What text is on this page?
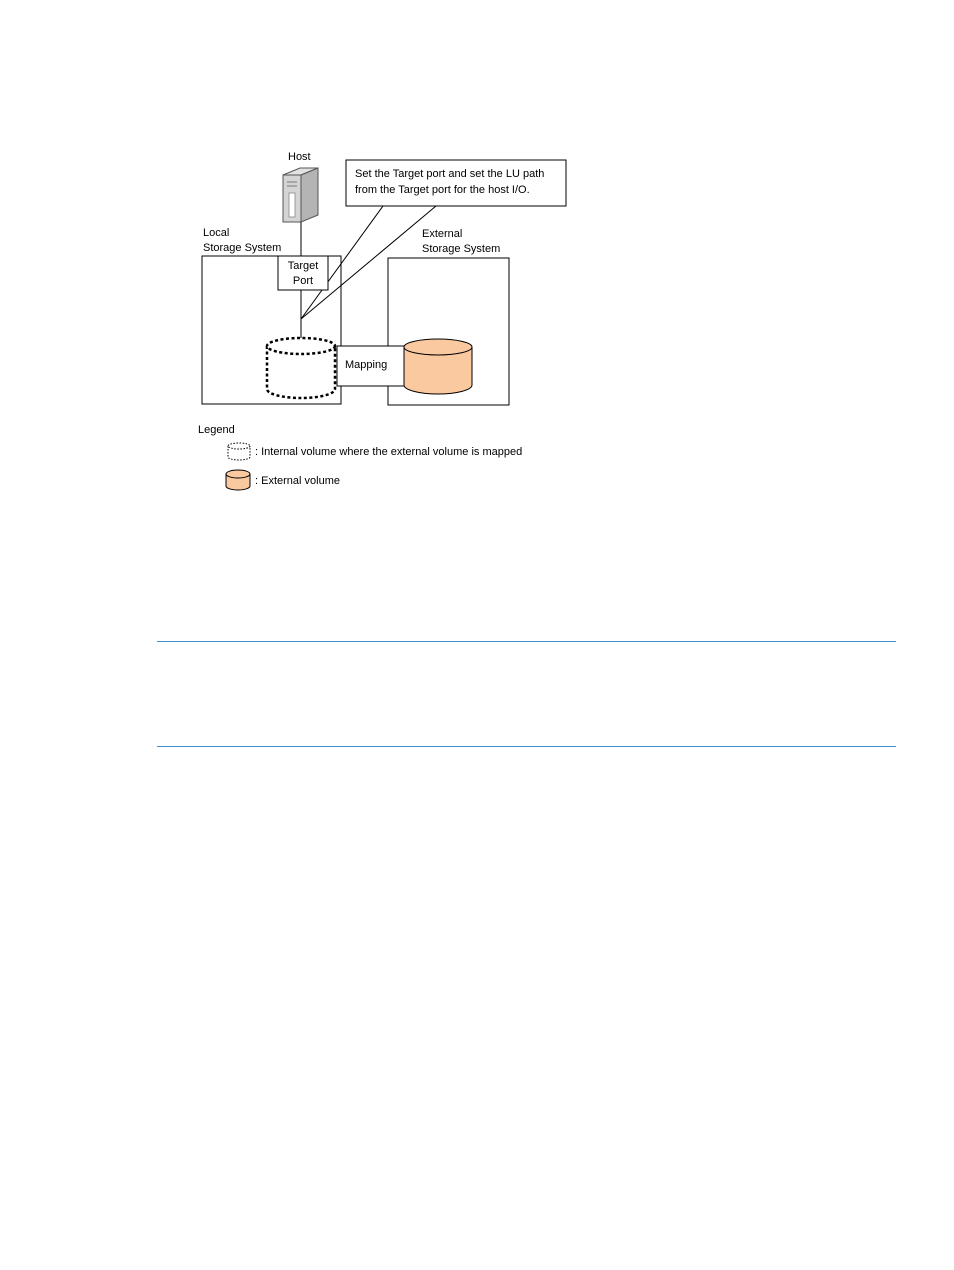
Host
Set the Target port and set the LU path
from the Target port for the host I/O.
Local
Storage System
Target
Port
External
Storage System
Mapping
Legend
: Internal volume where the external volume is mapped
: External volume
